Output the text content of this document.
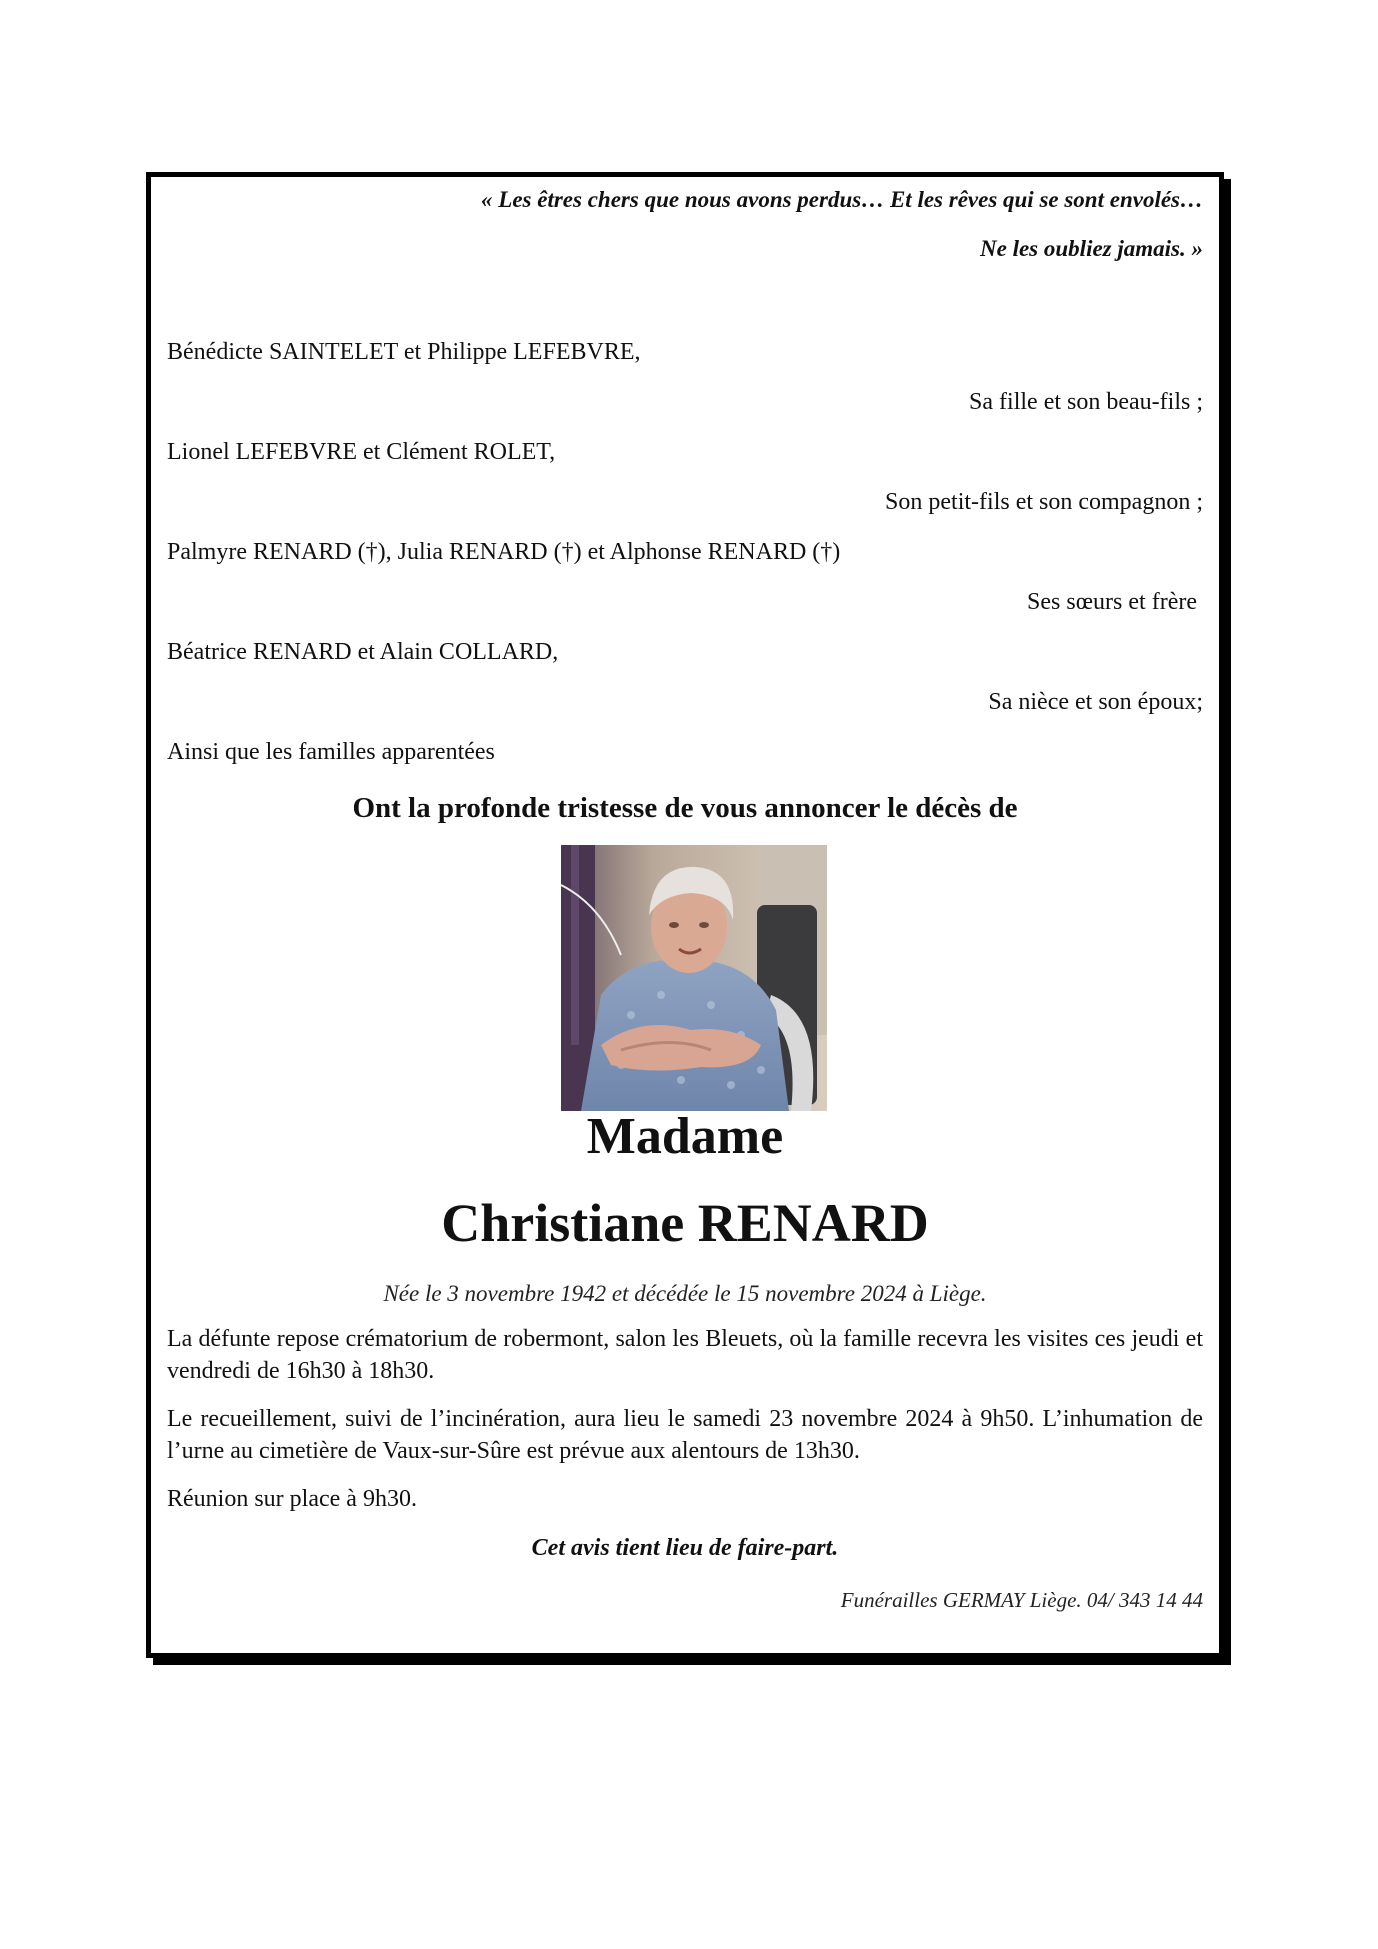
« Les êtres chers que nous avons perdus… Et les rêves qui se sont envolés…
Ne les oubliez jamais. »
Bénédicte SAINTELET et Philippe LEFEBVRE,
Sa fille et son beau-fils ;
Lionel LEFEBVRE et Clément ROLET,
Son petit-fils et son compagnon ;
Palmyre RENARD (†), Julia RENARD (†) et Alphonse RENARD (†)
Ses sœurs et frère
Béatrice RENARD et Alain COLLARD,
Sa nièce et son époux;
Ainsi que les familles apparentées
Ont la profonde tristesse de vous annoncer le décès de
Madame
Christiane RENARD
Née le 3 novembre 1942 et décédée le 15 novembre 2024 à Liège.
La défunte repose crématorium de robermont, salon les Bleuets, où la famille recevra les visites ces jeudi et vendredi de 16h30 à 18h30.
Le recueillement, suivi de l’incinération, aura lieu le samedi 23 novembre 2024 à 9h50. L’inhumation de l’urne au cimetière de Vaux-sur-Sûre est prévue aux alentours de 13h30.
Réunion sur place à 9h30.
Cet avis tient lieu de faire-part.
Funérailles GERMAY Liège. 04/ 343 14 44
